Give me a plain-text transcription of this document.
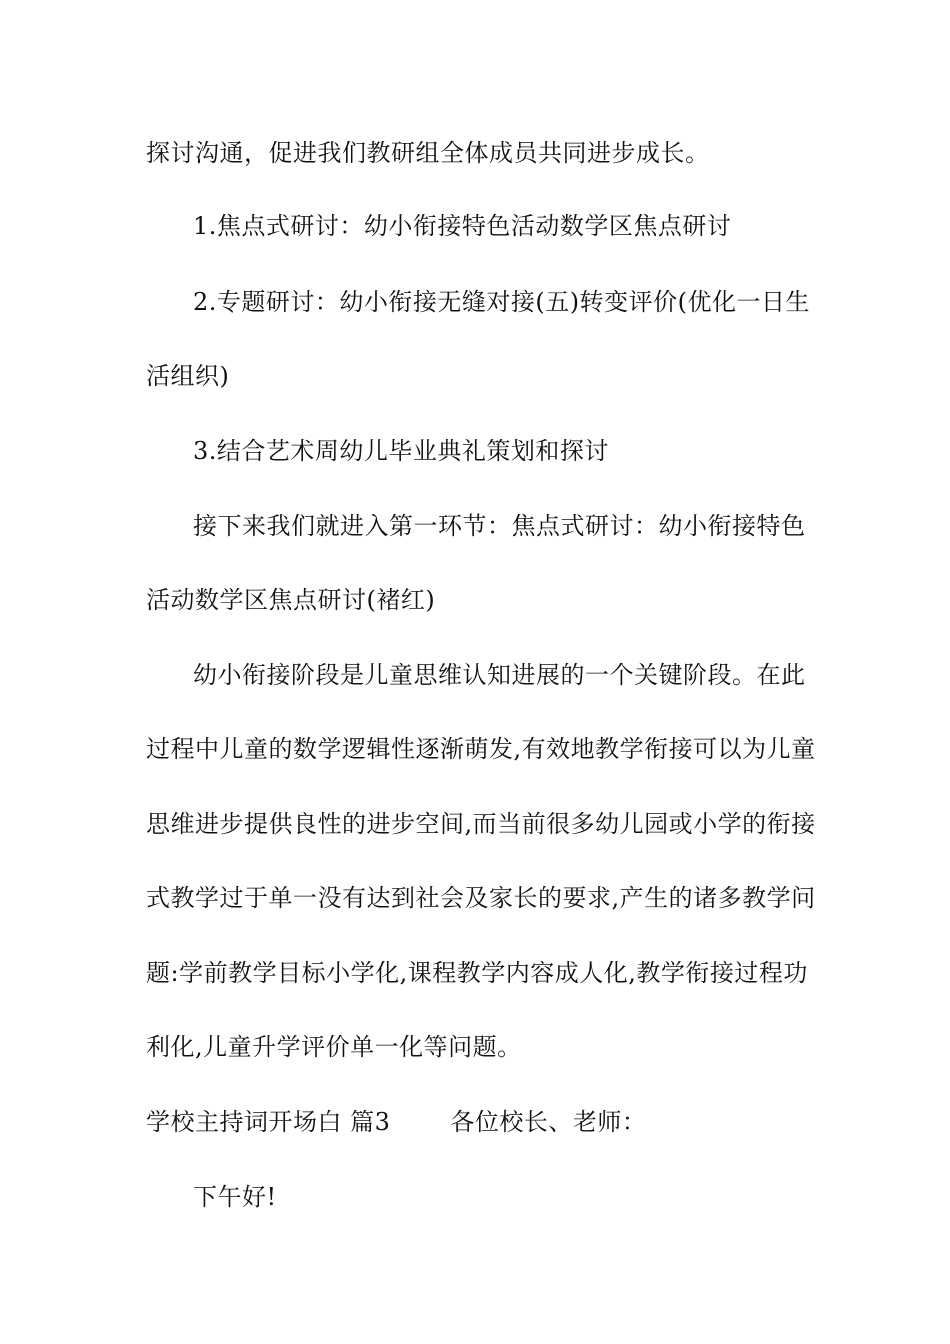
探讨沟通，促进我们教研组全体成员共同进步成长。
1.焦点式研讨：幼小衔接特色活动数学区焦点研讨
2.专题研讨：幼小衔接无缝对接(五)转变评价(优化一日生
活组织)
3.结合艺术周幼儿毕业典礼策划和探讨
接下来我们就进入第一环节：焦点式研讨：幼小衔接特色
活动数学区焦点研讨(褚红)
幼小衔接阶段是儿童思维认知进展的一个关键阶段。在此
过程中儿童的数学逻辑性逐渐萌发,有效地教学衔接可以为儿童
思维进步提供良性的进步空间,而当前很多幼儿园或小学的衔接
式教学过于单一没有达到社会及家长的要求,产生的诸多教学问
题:学前教学目标小学化,课程教学内容成人化,教学衔接过程功
利化,儿童升学评价单一化等问题。
学校主持词开场白 篇3	各位校长、老师：
下午好!
